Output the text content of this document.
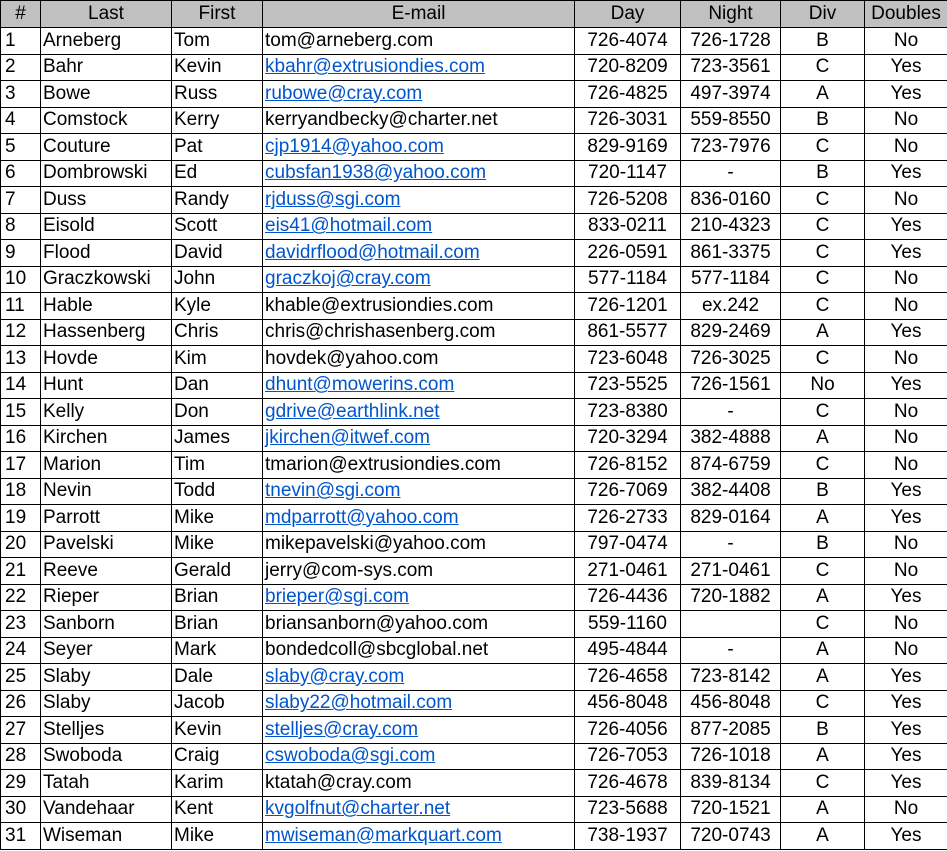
#	Last	First	E-mail	Day	Night	Div	Doubles
1	Arneberg	Tom	tom@arneberg.com	726-4074	726-1728	B	No
2	Bahr	Kevin	kbahr@extrusiondies.com	720-8209	723-3561	C	Yes
3	Bowe	Russ	rubowe@cray.com	726-4825	497-3974	A	Yes
4	Comstock	Kerry	kerryandbecky@charter.net	726-3031	559-8550	B	No
5	Couture	Pat	cjp1914@yahoo.com	829-9169	723-7976	C	No
6	Dombrowski	Ed	cubsfan1938@yahoo.com	720-1147	-	B	Yes
7	Duss	Randy	rjduss@sgi.com	726-5208	836-0160	C	No
8	Eisold	Scott	eis41@hotmail.com	833-0211	210-4323	C	Yes
9	Flood	David	davidrflood@hotmail.com	226-0591	861-3375	C	Yes
10	Graczkowski	John	graczkoj@cray.com	577-1184	577-1184	C	No
11	Hable	Kyle	khable@extrusiondies.com	726-1201	ex.242	C	No
12	Hassenberg	Chris	chris@chrishasenberg.com	861-5577	829-2469	A	Yes
13	Hovde	Kim	hovdek@yahoo.com	723-6048	726-3025	C	No
14	Hunt	Dan	dhunt@mowerins.com	723-5525	726-1561	No	Yes
15	Kelly	Don	gdrive@earthlink.net	723-8380	-	C	No
16	Kirchen	James	jkirchen@itwef.com	720-3294	382-4888	A	No
17	Marion	Tim	tmarion@extrusiondies.com	726-8152	874-6759	C	No
18	Nevin	Todd	tnevin@sgi.com	726-7069	382-4408	B	Yes
19	Parrott	Mike	mdparrott@yahoo.com	726-2733	829-0164	A	Yes
20	Pavelski	Mike	mikepavelski@yahoo.com	797-0474	-	B	No
21	Reeve	Gerald	jerry@com-sys.com	271-0461	271-0461	C	No
22	Rieper	Brian	brieper@sgi.com	726-4436	720-1882	A	Yes
23	Sanborn	Brian	briansanborn@yahoo.com	559-1160		C	No
24	Seyer	Mark	bondedcoll@sbcglobal.net	495-4844	-	A	No
25	Slaby	Dale	slaby@cray.com	726-4658	723-8142	A	Yes
26	Slaby	Jacob	slaby22@hotmail.com	456-8048	456-8048	C	Yes
27	Stelljes	Kevin	stelljes@cray.com	726-4056	877-2085	B	Yes
28	Swoboda	Craig	cswoboda@sgi.com	726-7053	726-1018	A	Yes
29	Tatah	Karim	ktatah@cray.com	726-4678	839-8134	C	Yes
30	Vandehaar	Kent	kvgolfnut@charter.net	723-5688	720-1521	A	No
31	Wiseman	Mike	mwiseman@markquart.com	738-1937	720-0743	A	Yes
